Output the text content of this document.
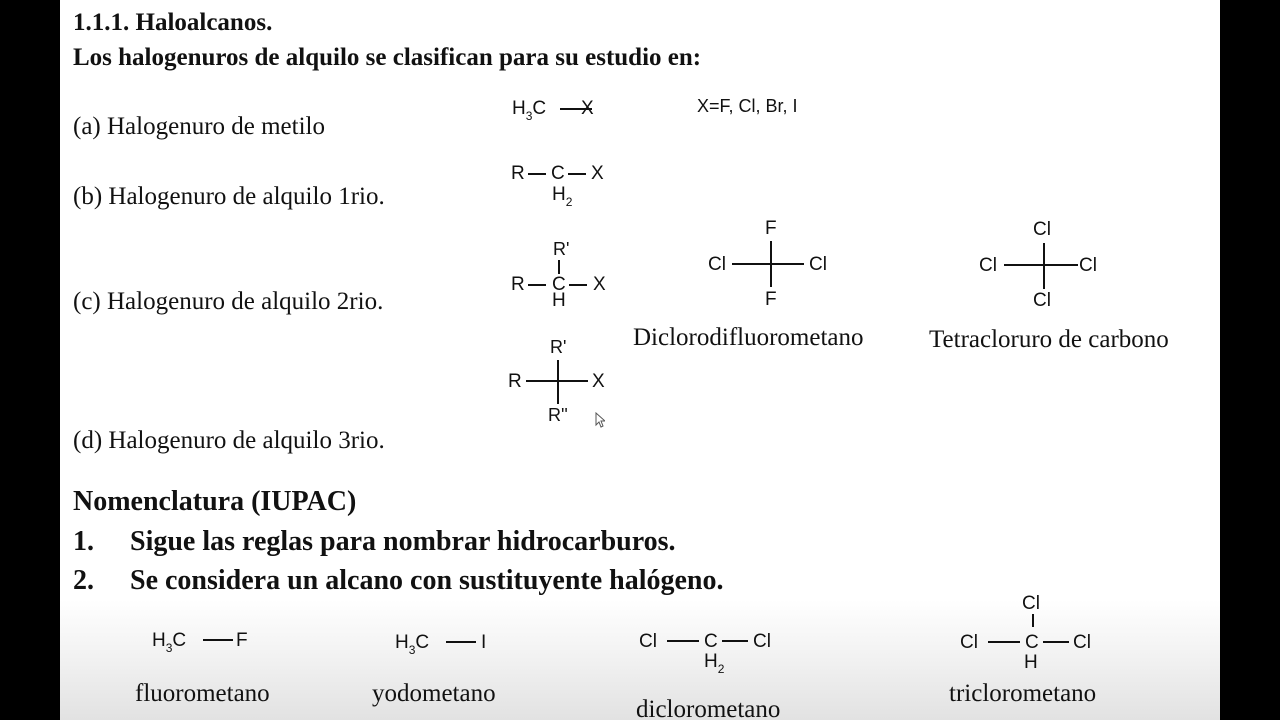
1.1.1. Haloalcanos.
Los halogenuros de alquilo se clasifican para su estudio en:
(a) Halogenuro de metilo
(b) Halogenuro de alquilo 1rio.
(c) Halogenuro de alquilo 2rio.
(d) Halogenuro de alquilo 3rio.
$H_3C$ X	X=F, Cl, Br, I
R C X
$H_2$
R'
R C X
H
R'
R	X
R''
F
Cl	Cl
F
Diclorodifluorometano
Cl
Cl	Cl
Cl
Tetracloruro de carbono
Nomenclatura (IUPAC)
1. Sigue las reglas para nombrar hidrocarburos.
2. Se considera un alcano con sustituyente halógeno.
$H_3C$	F
fluorometano
$H_3C$	I
yodometano
Cl C Cl
$H_2$
diclorometano
Cl
Cl C Cl
H
triclorometano
